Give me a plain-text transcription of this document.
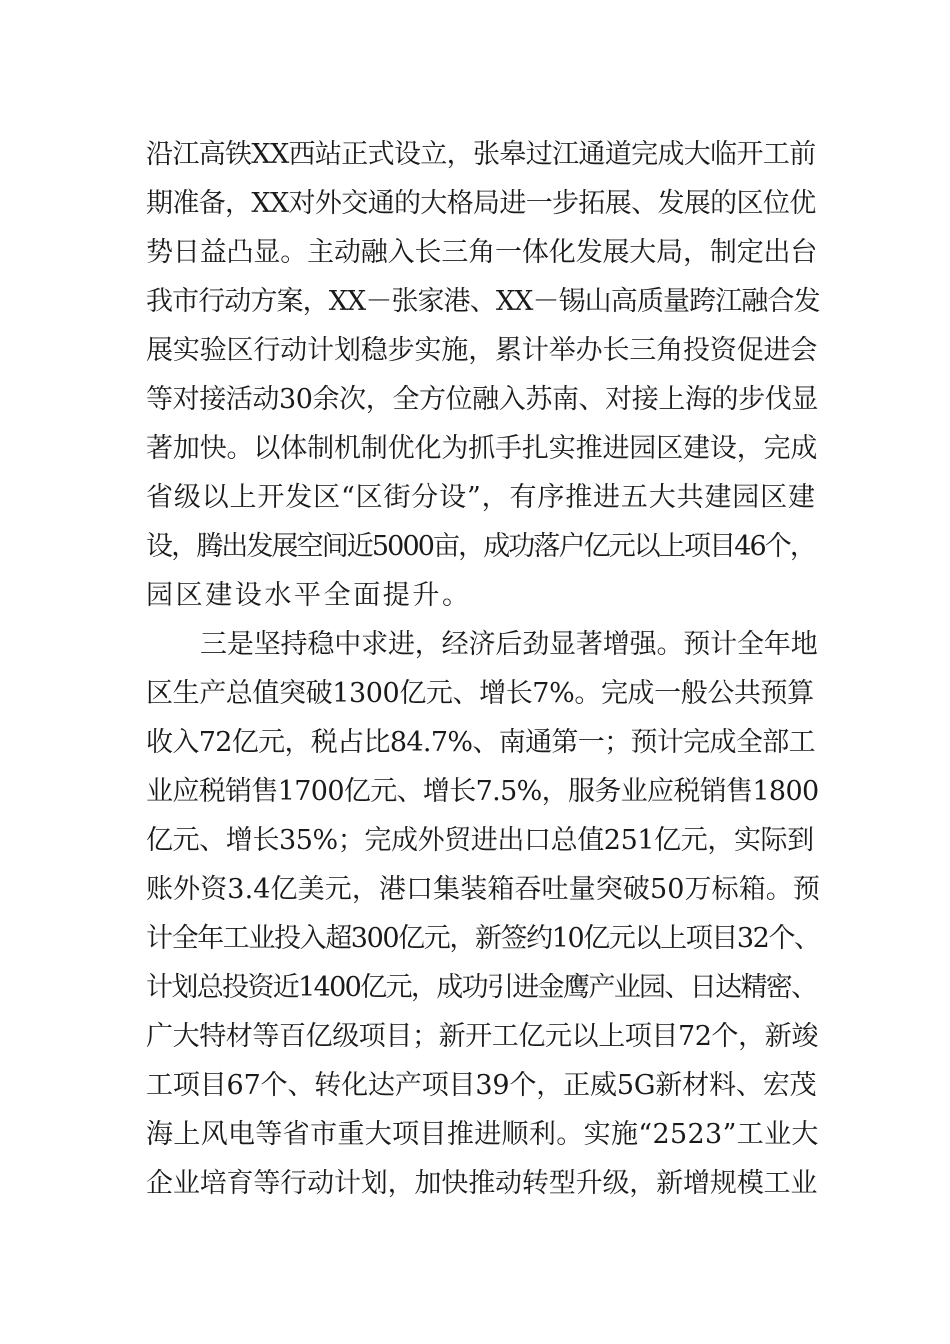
沿江高铁XX西站正式设立，张皋过江通道完成大临开工前
期准备，XX对外交通的大格局进一步拓展、发展的区位优
势日益凸显。主动融入长三角一体化发展大局，制定出台
我市行动方案，XX－张家港、XX－锡山高质量跨江融合发
展实验区行动计划稳步实施，累计举办长三角投资促进会
等对接活动30余次，全方位融入苏南、对接上海的步伐显
著加快。以体制机制优化为抓手扎实推进园区建设，完成
省级以上开发区“区街分设”，有序推进五大共建园区建
设，腾出发展空间近5000亩，成功落户亿元以上项目46个，
园区建设水平全面提升。
三是坚持稳中求进，经济后劲显著增强。预计全年地
区生产总值突破1300亿元、增长7%。完成一般公共预算
收入72亿元，税占比84.7%、南通第一；预计完成全部工
业应税销售1700亿元、增长7.5%，服务业应税销售1800
亿元、增长35%；完成外贸进出口总值251亿元，实际到
账外资3.4亿美元，港口集装箱吞吐量突破50万标箱。预
计全年工业投入超300亿元，新签约10亿元以上项目32个、
计划总投资近1400亿元，成功引进金鹰产业园、日达精密、
广大特材等百亿级项目；新开工亿元以上项目72个，新竣
工项目67个、转化达产项目39个，正威5G新材料、宏茂
海上风电等省市重大项目推进顺利。实施“2523”工业大
企业培育等行动计划，加快推动转型升级，新增规模工业
